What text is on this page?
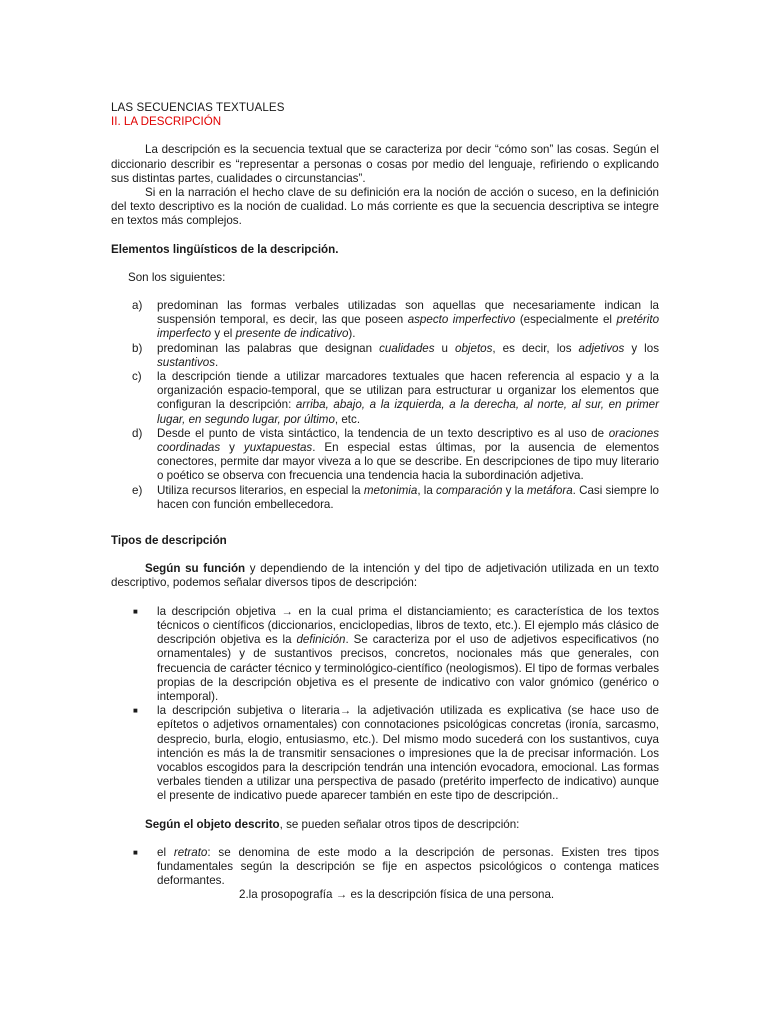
LAS SECUENCIAS TEXTUALES

II. LA DESCRIPCIÓN

La descripción es la secuencia textual que se caracteriza por decir “cómo son” las cosas. Según el diccionario describir es “representar a personas o cosas por medio del lenguaje, refiriendo o explicando sus distintas partes, cualidades o circunstancias”.

Si en la narración el hecho clave de su definición era la noción de acción o suceso, en la definición del texto descriptivo es la noción de cualidad. Lo más corriente es que la secuencia descriptiva se integre en textos más complejos.

Elementos lingüísticos de la descripción.

Son los siguientes:

a) predominan las formas verbales utilizadas son aquellas que necesariamente indican la suspensión temporal, es decir, las que poseen aspecto imperfectivo (especialmente el pretérito imperfecto y el presente de indicativo).
b) predominan las palabras que designan cualidades u objetos, es decir, los adjetivos y los sustantivos.
c) la descripción tiende a utilizar marcadores textuales que hacen referencia al espacio y a la organización espacio-temporal, que se utilizan para estructurar u organizar los elementos que configuran la descripción: arriba, abajo, a la izquierda, a la derecha, al norte, al sur, en primer lugar, en segundo lugar, por último, etc.
d) Desde el punto de vista sintáctico, la tendencia de un texto descriptivo es al uso de oraciones coordinadas y yuxtapuestas. En especial estas últimas, por la ausencia de elementos conectores, permite dar mayor viveza a lo que se describe. En descripciones de tipo muy literario o poético se observa con frecuencia una tendencia hacia la subordinación adjetiva.
e) Utiliza recursos literarios, en especial la metonimia, la comparación y la metáfora. Casi siempre lo hacen con función embellecedora.

Tipos de descripción

Según su función y dependiendo de la intención y del tipo de adjetivación utilizada en un texto descriptivo, podemos señalar diversos tipos de descripción:

■ la descripción objetiva → en la cual prima el distanciamiento; es característica de los textos técnicos o científicos (diccionarios, enciclopedias, libros de texto, etc.). El ejemplo más clásico de descripción objetiva es la definición. Se caracteriza por el uso de adjetivos especificativos (no ornamentales) y de sustantivos precisos, concretos, nocionales más que generales, con frecuencia de carácter técnico y terminológico-científico (neologismos). El tipo de formas verbales propias de la descripción objetiva es el presente de indicativo con valor gnómico (genérico o intemporal).
■ la descripción subjetiva o literaria→ la adjetivación utilizada es explicativa (se hace uso de epítetos o adjetivos ornamentales) con connotaciones psicológicas concretas (ironía, sarcasmo, desprecio, burla, elogio, entusiasmo, etc.). Del mismo modo sucederá con los sustantivos, cuya intención es más la de transmitir sensaciones o impresiones que la de precisar información. Los vocablos escogidos para la descripción tendrán una intención evocadora, emocional. Las formas verbales tienden a utilizar una perspectiva de pasado (pretérito imperfecto de indicativo) aunque el presente de indicativo puede aparecer también en este tipo de descripción..

Según el objeto descrito, se pueden señalar otros tipos de descripción:

■ el retrato: se denomina de este modo a la descripción de personas. Existen tres tipos fundamentales según la descripción se fije en aspectos psicológicos o contenga matices deformantes.

2.la prosopografía → es la descripción física de una persona.
